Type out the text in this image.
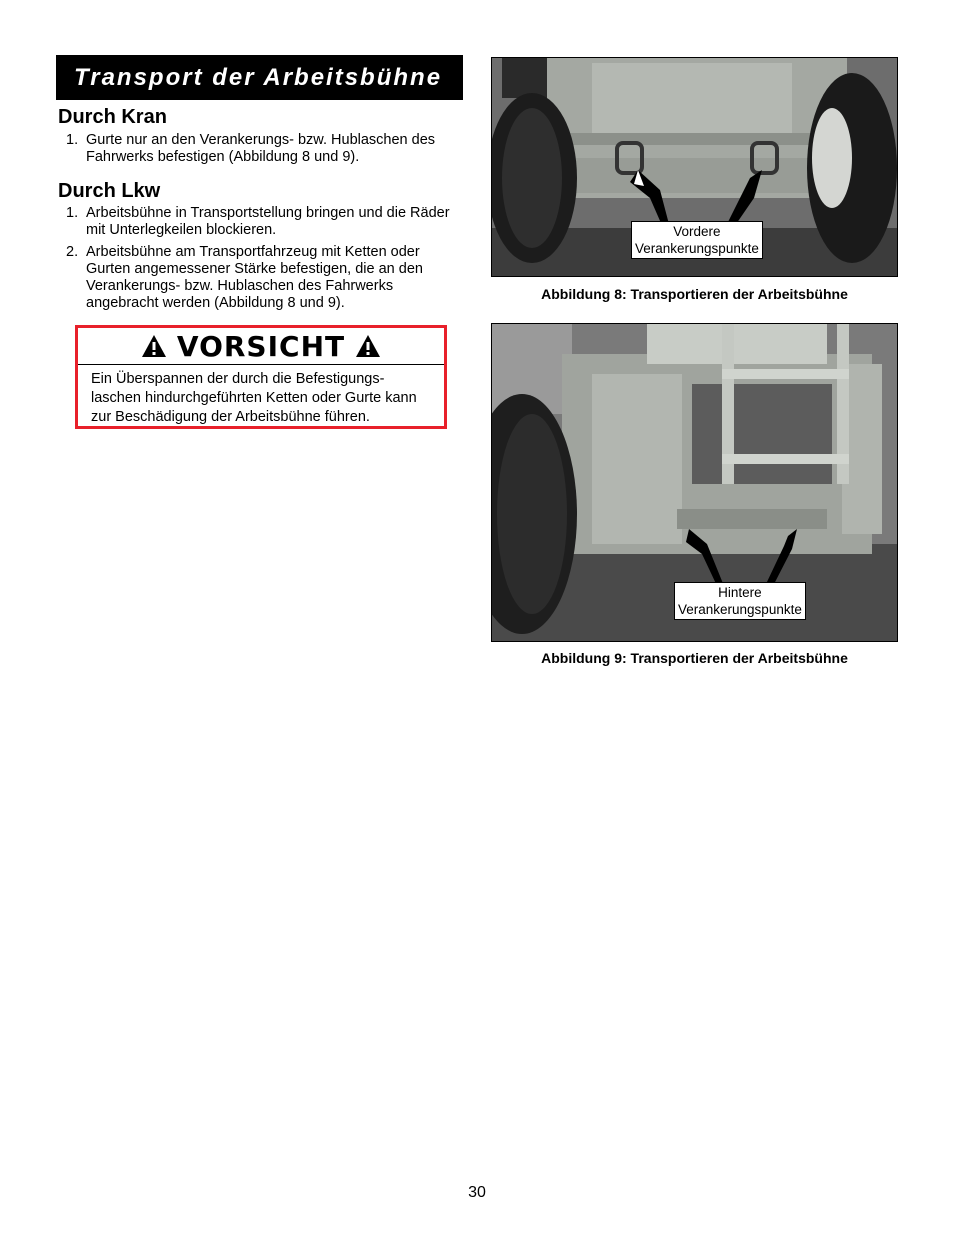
Transport der Arbeitsbühne
Durch Kran
1. Gurte nur an den Verankerungs- bzw. Hublaschen des Fahrwerks befestigen (Abbildung 8 und 9).
Durch Lkw
1. Arbeitsbühne in Transportstellung bringen und die Räder mit Unterlegkeilen blockieren.
2. Arbeitsbühne am Transportfahrzeug mit Ketten oder Gurten angemessener Stärke befestigen, die an den Verankerungs- bzw. Hublaschen des Fahrwerks angebracht werden (Abbildung 8 und 9).
VORSICHT
Ein Überspannen der durch die Befestigungs-laschen hindurchgeführten Ketten oder Gurte kann zur Beschädigung der Arbeitsbühne führen.
Vordere
Verankerungspunkte
Abbildung 8: Transportieren der Arbeitsbühne
Hintere
Verankerungspunkte
Abbildung 9: Transportieren der Arbeitsbühne
30
